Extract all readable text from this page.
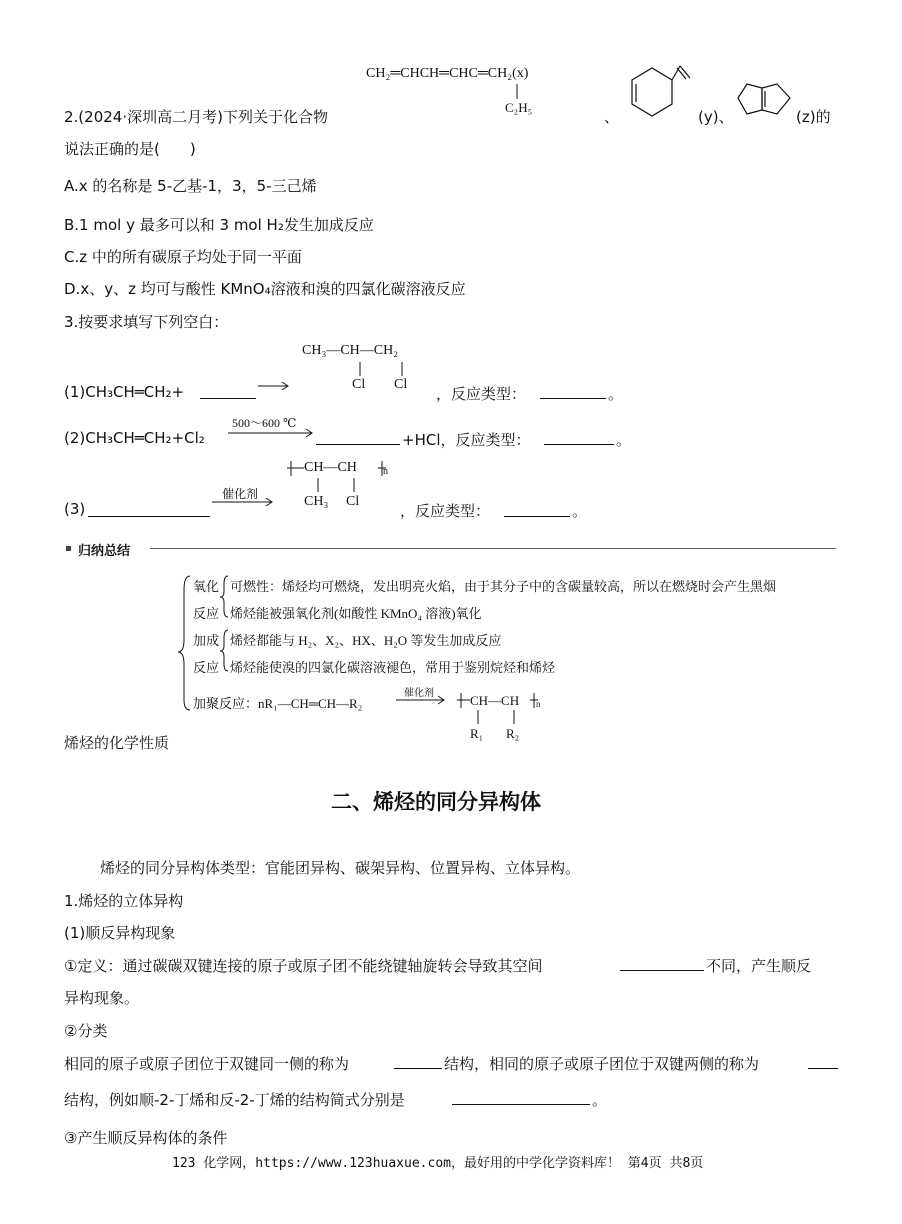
CH₂═CHCH═CHC═CH₂(x)
C₂H₅
2.(2024·深圳高二月考)下列关于化合物	、	(y)、	(z)的
说法正确的是(　　)
A.x 的名称是 5-乙基-1，3，5-三己烯
B.1 mol y 最多可以和 3 mol H₂发生加成反应
C.z 中的所有碳原子均处于同一平面
D.x、y、z 均可与酸性 KMnO₄溶液和溴的四氯化碳溶液反应
3.按要求填写下列空白：
CH₃—CH—CH₂
Cl Cl
(1)CH₃CH═CH₂+	，反应类型：	。
500～600 ℃
(2)CH₃CH═CH₂+Cl₂	+HCl，反应类型：	。
CH—CH	n
CH₃ Cl
(3)
催化剂
，反应类型：	。
归纳总结
氧化
反应
加成
反应
可燃性：烯烃均可燃烧，发出明亮火焰，由于其分子中的含碳量较高，所以在燃烧时会产生黑烟
烯烃能被强氧化剂(如酸性 KMnO₄ 溶液)氧化
烯烃都能与 H₂、X₂、HX、H₂O 等发生加成反应
烯烃能使溴的四氯化碳溶液褪色，常用于鉴别烷烃和烯烃
加聚反应：nR₁—CH═CH—R₂
催化剂	CH—CH n
R₁ R₂
烯烃的化学性质
二、烯烃的同分异构体
烯烃的同分异构体类型：官能团异构、碳架异构、位置异构、立体异构。
1.烯烃的立体异构
(1)顺反异构现象
①定义：通过碳碳双键连接的原子或原子团不能绕键轴旋转会导致其空间	不同，产生顺反
异构现象。
②分类
相同的原子或原子团位于双键同一侧的称为	结构，相同的原子或原子团位于双键两侧的称为
结构，例如顺-2-丁烯和反-2-丁烯的结构简式分别是	。
③产生顺反异构体的条件
123 化学网，https://www.123huaxue.com，最好用的中学化学资料库！ 第4页 共8页
